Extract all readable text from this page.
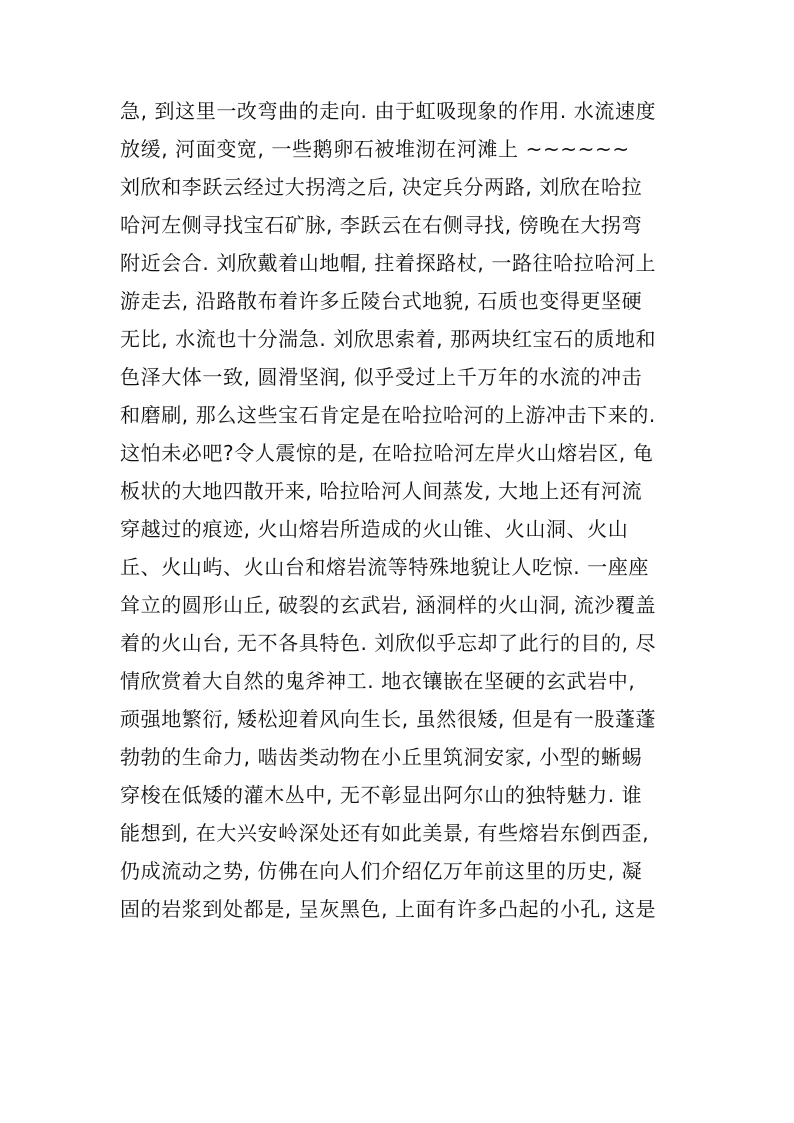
急, 到这里一改弯曲的走向. 由于虹吸现象的作用. 水流速度
放缓, 河面变宽, 一些鹅卵石被堆沏在河滩上 ~~~~~~
刘欣和李跃云经过大拐湾之后, 决定兵分两路, 刘欣在哈拉
哈河左侧寻找宝石矿脉, 李跃云在右侧寻找, 傍晚在大拐弯
附近会合. 刘欣戴着山地帽, 拄着探路杖, 一路往哈拉哈河上
游走去, 沿路散布着许多丘陵台式地貌, 石质也变得更坚硬
无比, 水流也十分湍急. 刘欣思索着, 那两块红宝石的质地和
色泽大体一致, 圆滑坚润, 似乎受过上千万年的水流的冲击
和磨刷, 那么这些宝石肯定是在哈拉哈河的上游冲击下来的.
这怕未必吧?令人震惊的是, 在哈拉哈河左岸火山熔岩区, 龟
板状的大地四散开来, 哈拉哈河人间蒸发, 大地上还有河流
穿越过的痕迹, 火山熔岩所造成的火山锥、火山洞、火山
丘、火山屿、火山台和熔岩流等特殊地貌让人吃惊. 一座座
耸立的圆形山丘, 破裂的玄武岩, 涵洞样的火山洞, 流沙覆盖
着的火山台, 无不各具特色. 刘欣似乎忘却了此行的目的, 尽
情欣赏着大自然的鬼斧神工. 地衣镶嵌在坚硬的玄武岩中,
顽强地繁衍, 矮松迎着风向生长, 虽然很矮, 但是有一股蓬蓬
勃勃的生命力, 啮齿类动物在小丘里筑洞安家, 小型的蜥蜴
穿梭在低矮的灌木丛中, 无不彰显出阿尔山的独特魅力. 谁
能想到, 在大兴安岭深处还有如此美景, 有些熔岩东倒西歪,
仍成流动之势, 仿佛在向人们介绍亿万年前这里的历史, 凝
固的岩浆到处都是, 呈灰黑色, 上面有许多凸起的小孔, 这是
